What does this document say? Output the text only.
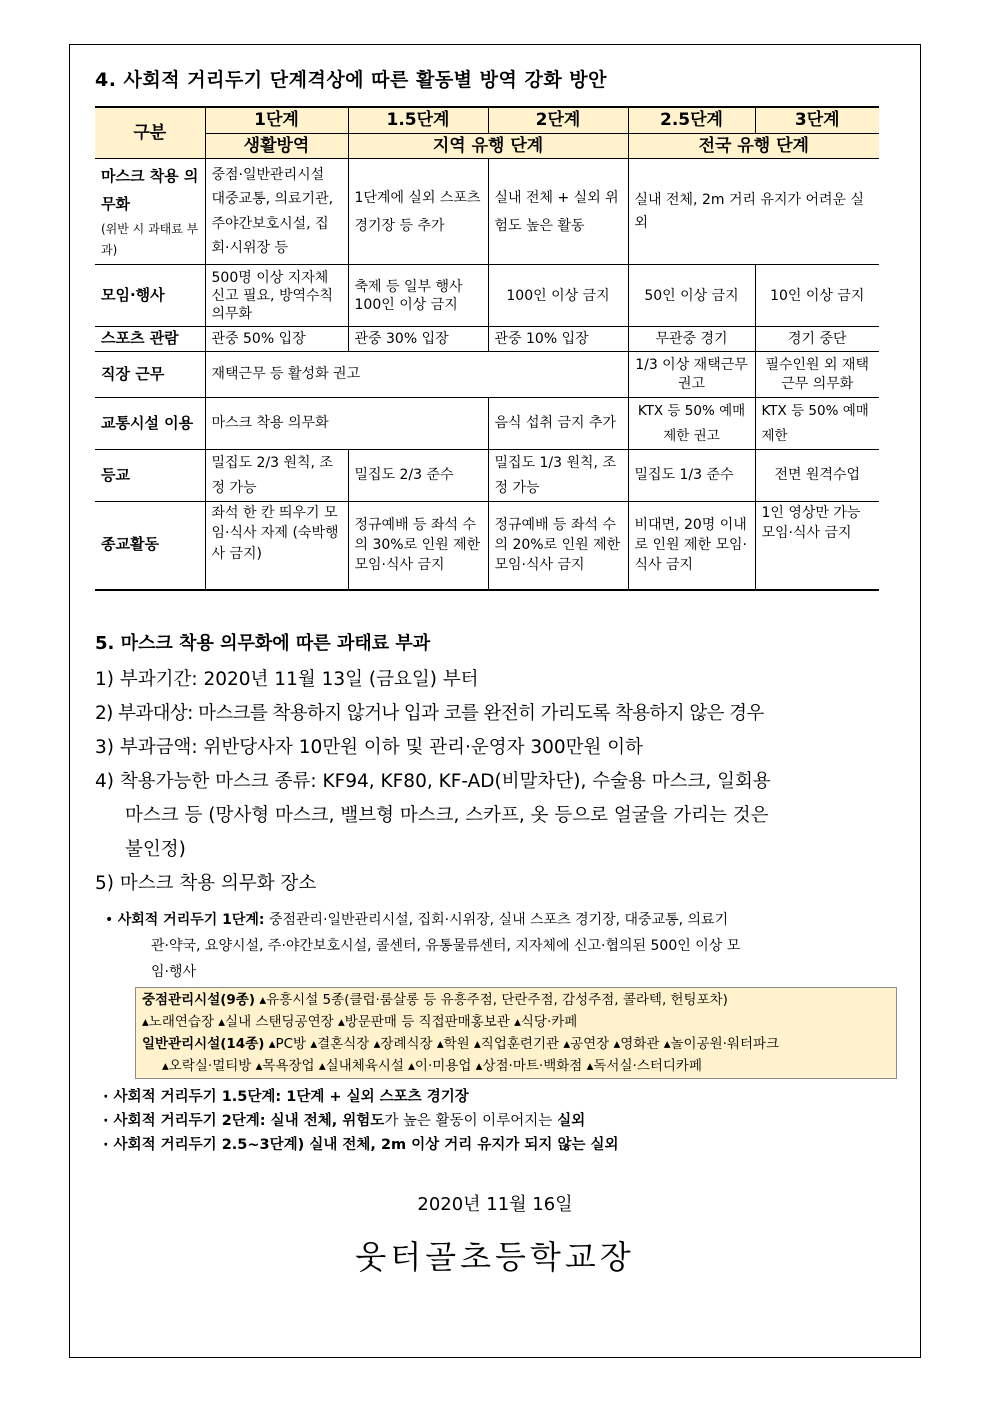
4. 사회적 거리두기 단계격상에 따른 활동별 방역 강화 방안
구분	1단계	1.5단계	2단계	2.5단계	3단계
	생활방역	지역 유행 단계		전국 유행 단계	
마스크 착용 의무화
(위반 시 과태료 부과)	중점·일반관리시설 대중교통, 의료기관, 주야간보호시설, 집회·시위장 등	1단계에 실외 스포츠 경기장 등 추가	실내 전체 + 실외 위험도 높은 활동	실내 전체, 2m 거리 유지가 어려운 실외	
모임·행사	500명 이상 지자체 신고 필요, 방역수칙 의무화	축제 등 일부 행사 100인 이상 금지	100인 이상 금지	50인 이상 금지	10인 이상 금지
스포츠 관람	관중 50% 입장	관중 30% 입장	관중 10% 입장	무관중 경기	경기 중단
직장 근무	재택근무 등 활성화 권고			1/3 이상 재택근무 권고	필수인원 외 재택근무 의무화
교통시설 이용	마스크 착용 의무화		음식 섭취 금지 추가	KTX 등 50% 예매 제한 권고	KTX 등 50% 예매 제한
등교	밀집도 2/3 원칙, 조정 가능	밀집도 2/3 준수	밀집도 1/3 원칙, 조정 가능	밀집도 1/3 준수	전면 원격수업
종교활동	좌석 한 칸 띄우기 모임·식사 자제 (숙박행사 금지)	정규예배 등 좌석 수의 30%로 인원 제한 모임·식사 금지	정규예배 등 좌석 수의 20%로 인원 제한 모임·식사 금지	비대면, 20명 이내로 인원 제한 모임·식사 금지	1인 영상만 가능 모임·식사 금지
5. 마스크 착용 의무화에 따른 과태료 부과
1) 부과기간: 2020년 11월 13일 (금요일) 부터
2) 부과대상: 마스크를 착용하지 않거나 입과 코를 완전히 가리도록 착용하지 않은 경우
3) 부과금액: 위반당사자 10만원 이하 및 관리·운영자 300만원 이하
4) 착용가능한 마스크 종류: KF94, KF80, KF-AD(비말차단), 수술용 마스크, 일회용
마스크 등 (망사형 마스크, 밸브형 마스크, 스카프, 옷 등으로 얼굴을 가리는 것은
불인정)
5) 마스크 착용 의무화 장소
• 사회적 거리두기 1단계: 중점관리·일반관리시설, 집회·시위장, 실내 스포츠 경기장, 대중교통, 의료기
관·약국, 요양시설, 주·야간보호시설, 콜센터, 유통물류센터, 지자체에 신고·협의된 500인 이상 모
임·행사
중점관리시설(9종) ▴유흥시설 5종(클럽·룸살롱 등 유흥주점, 단란주점, 감성주점, 콜라텍, 헌팅포차)
▴노래연습장 ▴실내 스탠딩공연장 ▴방문판매 등 직접판매홍보관 ▴식당·카페
일반관리시설(14종) ▴PC방 ▴결혼식장 ▴장례식장 ▴학원 ▴직업훈련기관 ▴공연장 ▴영화관 ▴놀이공원·워터파크
▴오락실·멀티방 ▴목욕장업 ▴실내체육시설 ▴이·미용업 ▴상점·마트·백화점 ▴독서실·스터디카페
· 사회적 거리두기 1.5단계: 1단계 + 실외 스포츠 경기장
· 사회적 거리두기 2단계: 실내 전체, 위험도가 높은 활동이 이루어지는 실외
· 사회적 거리두기 2.5~3단계) 실내 전체, 2m 이상 거리 유지가 되지 않는 실외
2020년 11월 16일
웃터골초등학교장
